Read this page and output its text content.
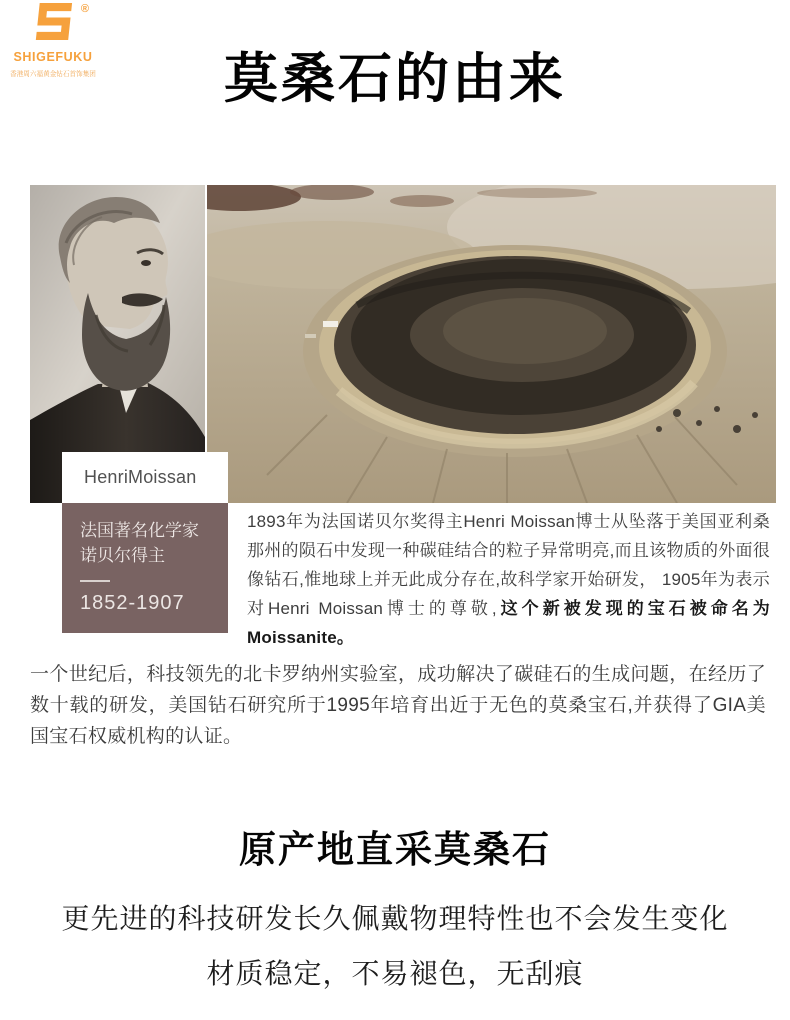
®
SHIGEFUKU
香港周六福黄金钻石首饰集团	莫桑石的由来
HenriMoissan
法国著名化学家
诺贝尔得主
1852-1907

1893年为法国诺贝尔奖得主Henri Moissan博士从坠落于美国亚利桑那州的陨石中发现一种碳硅结合的粒子异常明亮,而且该物质的外面很像钻石,惟地球上并无此成分存在,故科学家开始研发， 1905年为表示对Henri Moissan博士的尊敬,这个新被发现的宝石被命名为Moissanite。

一个世纪后，科技领先的北卡罗纳州实验室，成功解决了碳硅石的生成问题，在经历了数十载的研发，美国钻石研究所于1995年培育出近于无色的莫桑宝石,并获得了GIA美国宝石权威机构的认证。

原产地直采莫桑石
更先进的科技研发长久佩戴物理特性也不会发生变化
材质稳定，不易褪色，无刮痕
